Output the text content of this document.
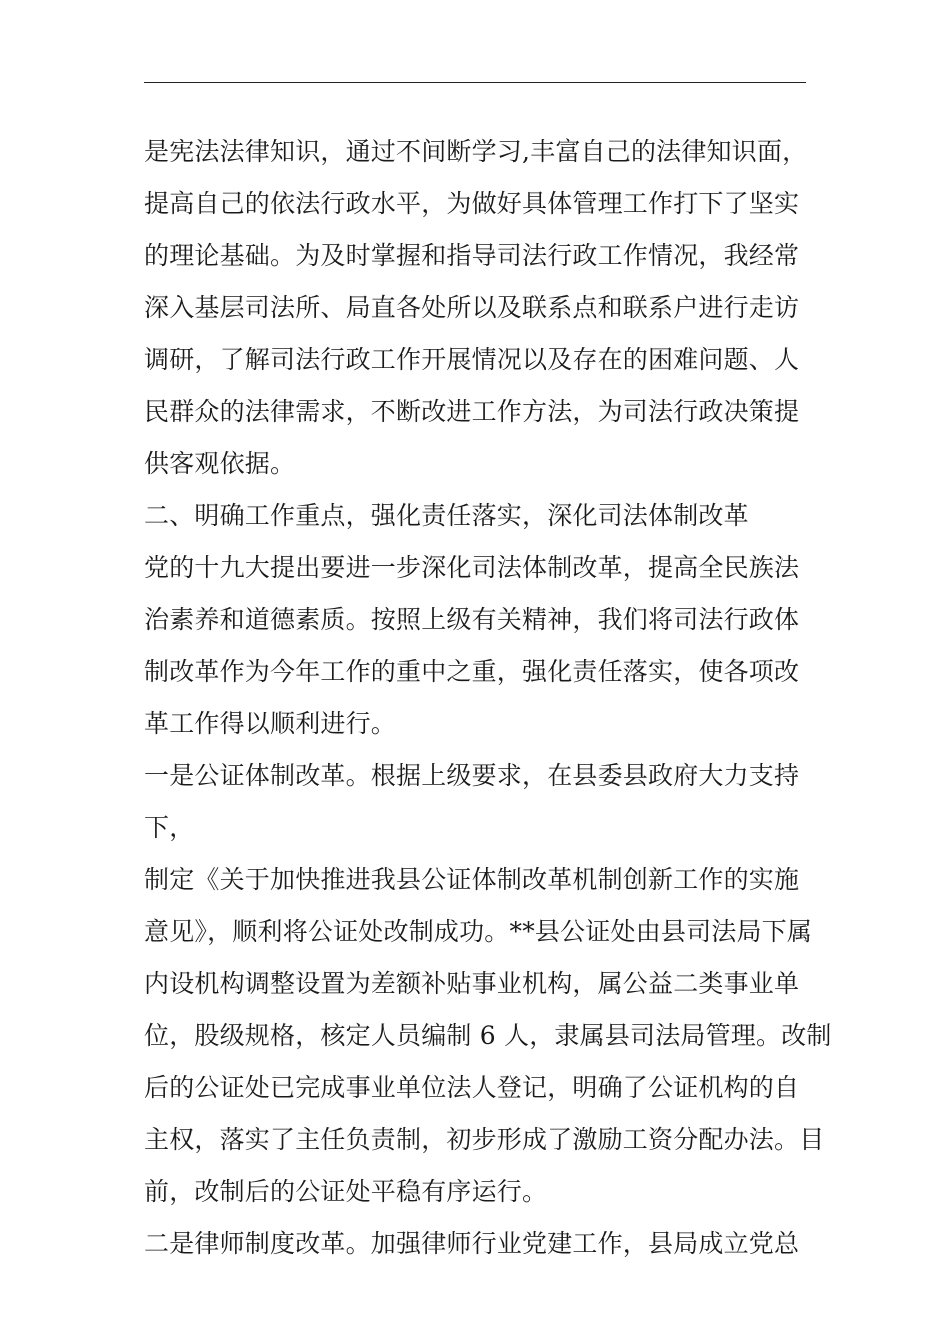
是宪法法律知识，通过不间断学习,丰富自己的法律知识面，
提高自己的依法行政水平，为做好具体管理工作打下了坚实
的理论基础。为及时掌握和指导司法行政工作情况，我经常
深入基层司法所、局直各处所以及联系点和联系户进行走访
调研，了解司法行政工作开展情况以及存在的困难问题、人
民群众的法律需求，不断改进工作方法，为司法行政决策提
供客观依据。
二、明确工作重点，强化责任落实，深化司法体制改革
党的十九大提出要进一步深化司法体制改革，提高全民族法
治素养和道德素质。按照上级有关精神，我们将司法行政体
制改革作为今年工作的重中之重，强化责任落实，使各项改
革工作得以顺利进行。
一是公证体制改革。根据上级要求，在县委县政府大力支持
下，
制定《关于加快推进我县公证体制改革机制创新工作的实施
意见》，顺利将公证处改制成功。**县公证处由县司法局下属
内设机构调整设置为差额补贴事业机构，属公益二类事业单
位，股级规格，核定人员编制 6 人，隶属县司法局管理。改制
后的公证处已完成事业单位法人登记，明确了公证机构的自
主权，落实了主任负责制，初步形成了激励工资分配办法。目
前，改制后的公证处平稳有序运行。
二是律师制度改革。加强律师行业党建工作，县局成立党总
